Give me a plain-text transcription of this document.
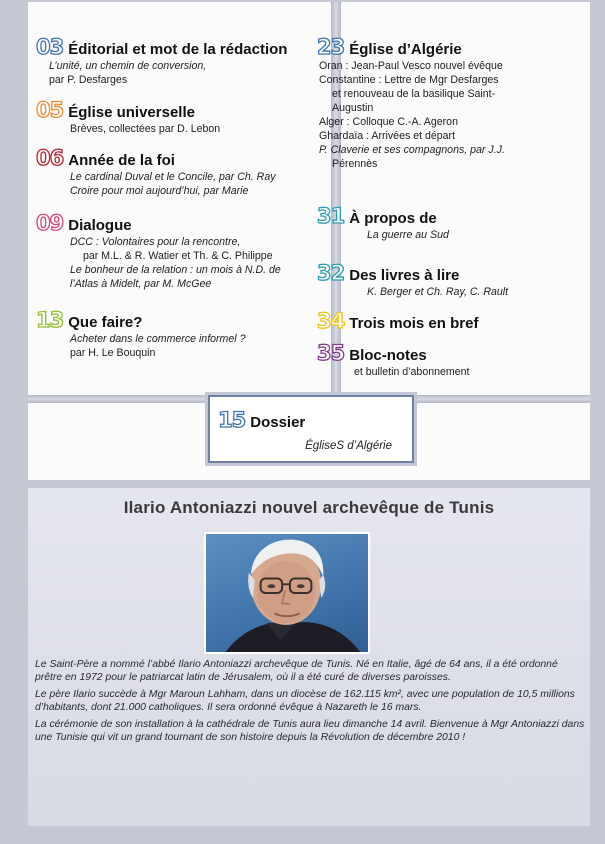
03 Éditorial et mot de la rédaction
L’unité, un chemin de conversion,
par P. Desfarges
05 Église universelle
Brèves, collectées par D. Lebon
06 Année de la foi
Le cardinal Duval et le Concile, par Ch. Ray
Croire pour moi aujourd’hui, par Marie
09 Dialogue
DCC : Volontaires pour la rencontre,
par M.L. & R. Watier et Th. & C. Philippe
Le bonheur de la relation : un mois à N.D. de
l’Atlas à Midelt, par M. McGee
13 Que faire?
Acheter dans le commerce informel ?
par H. Le Bouquin
23 Église d’Algérie
Oran : Jean-Paul Vesco nouvel évêque
Constantine : Lettre de Mgr Desfarges
et renouveau de la basilique Saint-
Augustin
Alger : Colloque C.-A. Ageron
Ghardaïa : Arrivées et départ
P. Claverie et ses compagnons, par J.J.
Pérennès
31 À propos de
La guerre au Sud
32 Des livres à lire
K. Berger et Ch. Ray, C. Rault
34 Trois mois en bref
35 Bloc-notes
et bulletin d’abonnement
15 Dossier
ÉgliseS d’Algérie
Ilario Antoniazzi nouvel archevêque de Tunis

Le Saint-Père a nommé l’abbé Ilario Antoniazzi archevêque de Tunis. Né en Italie, âgé de 64 ans, il a été ordonné prêtre en 1972 pour le patriarcat latin de Jérusalem, où il a été curé de diverses paroisses.

Le père Ilario succède à Mgr Maroun Lahham, dans un diocèse de 162.115 km², avec une population de 10,5 millions d’habitants, dont 21.000 catholiques. Il sera ordonné évêque à Nazareth le 16 mars.

La cérémonie de son installation à la cathédrale de Tunis aura lieu dimanche 14 avril. Bienvenue à Mgr Antoniazzi dans une Tunisie qui vit un grand tournant de son histoire depuis la Révolution de décembre 2010 !
